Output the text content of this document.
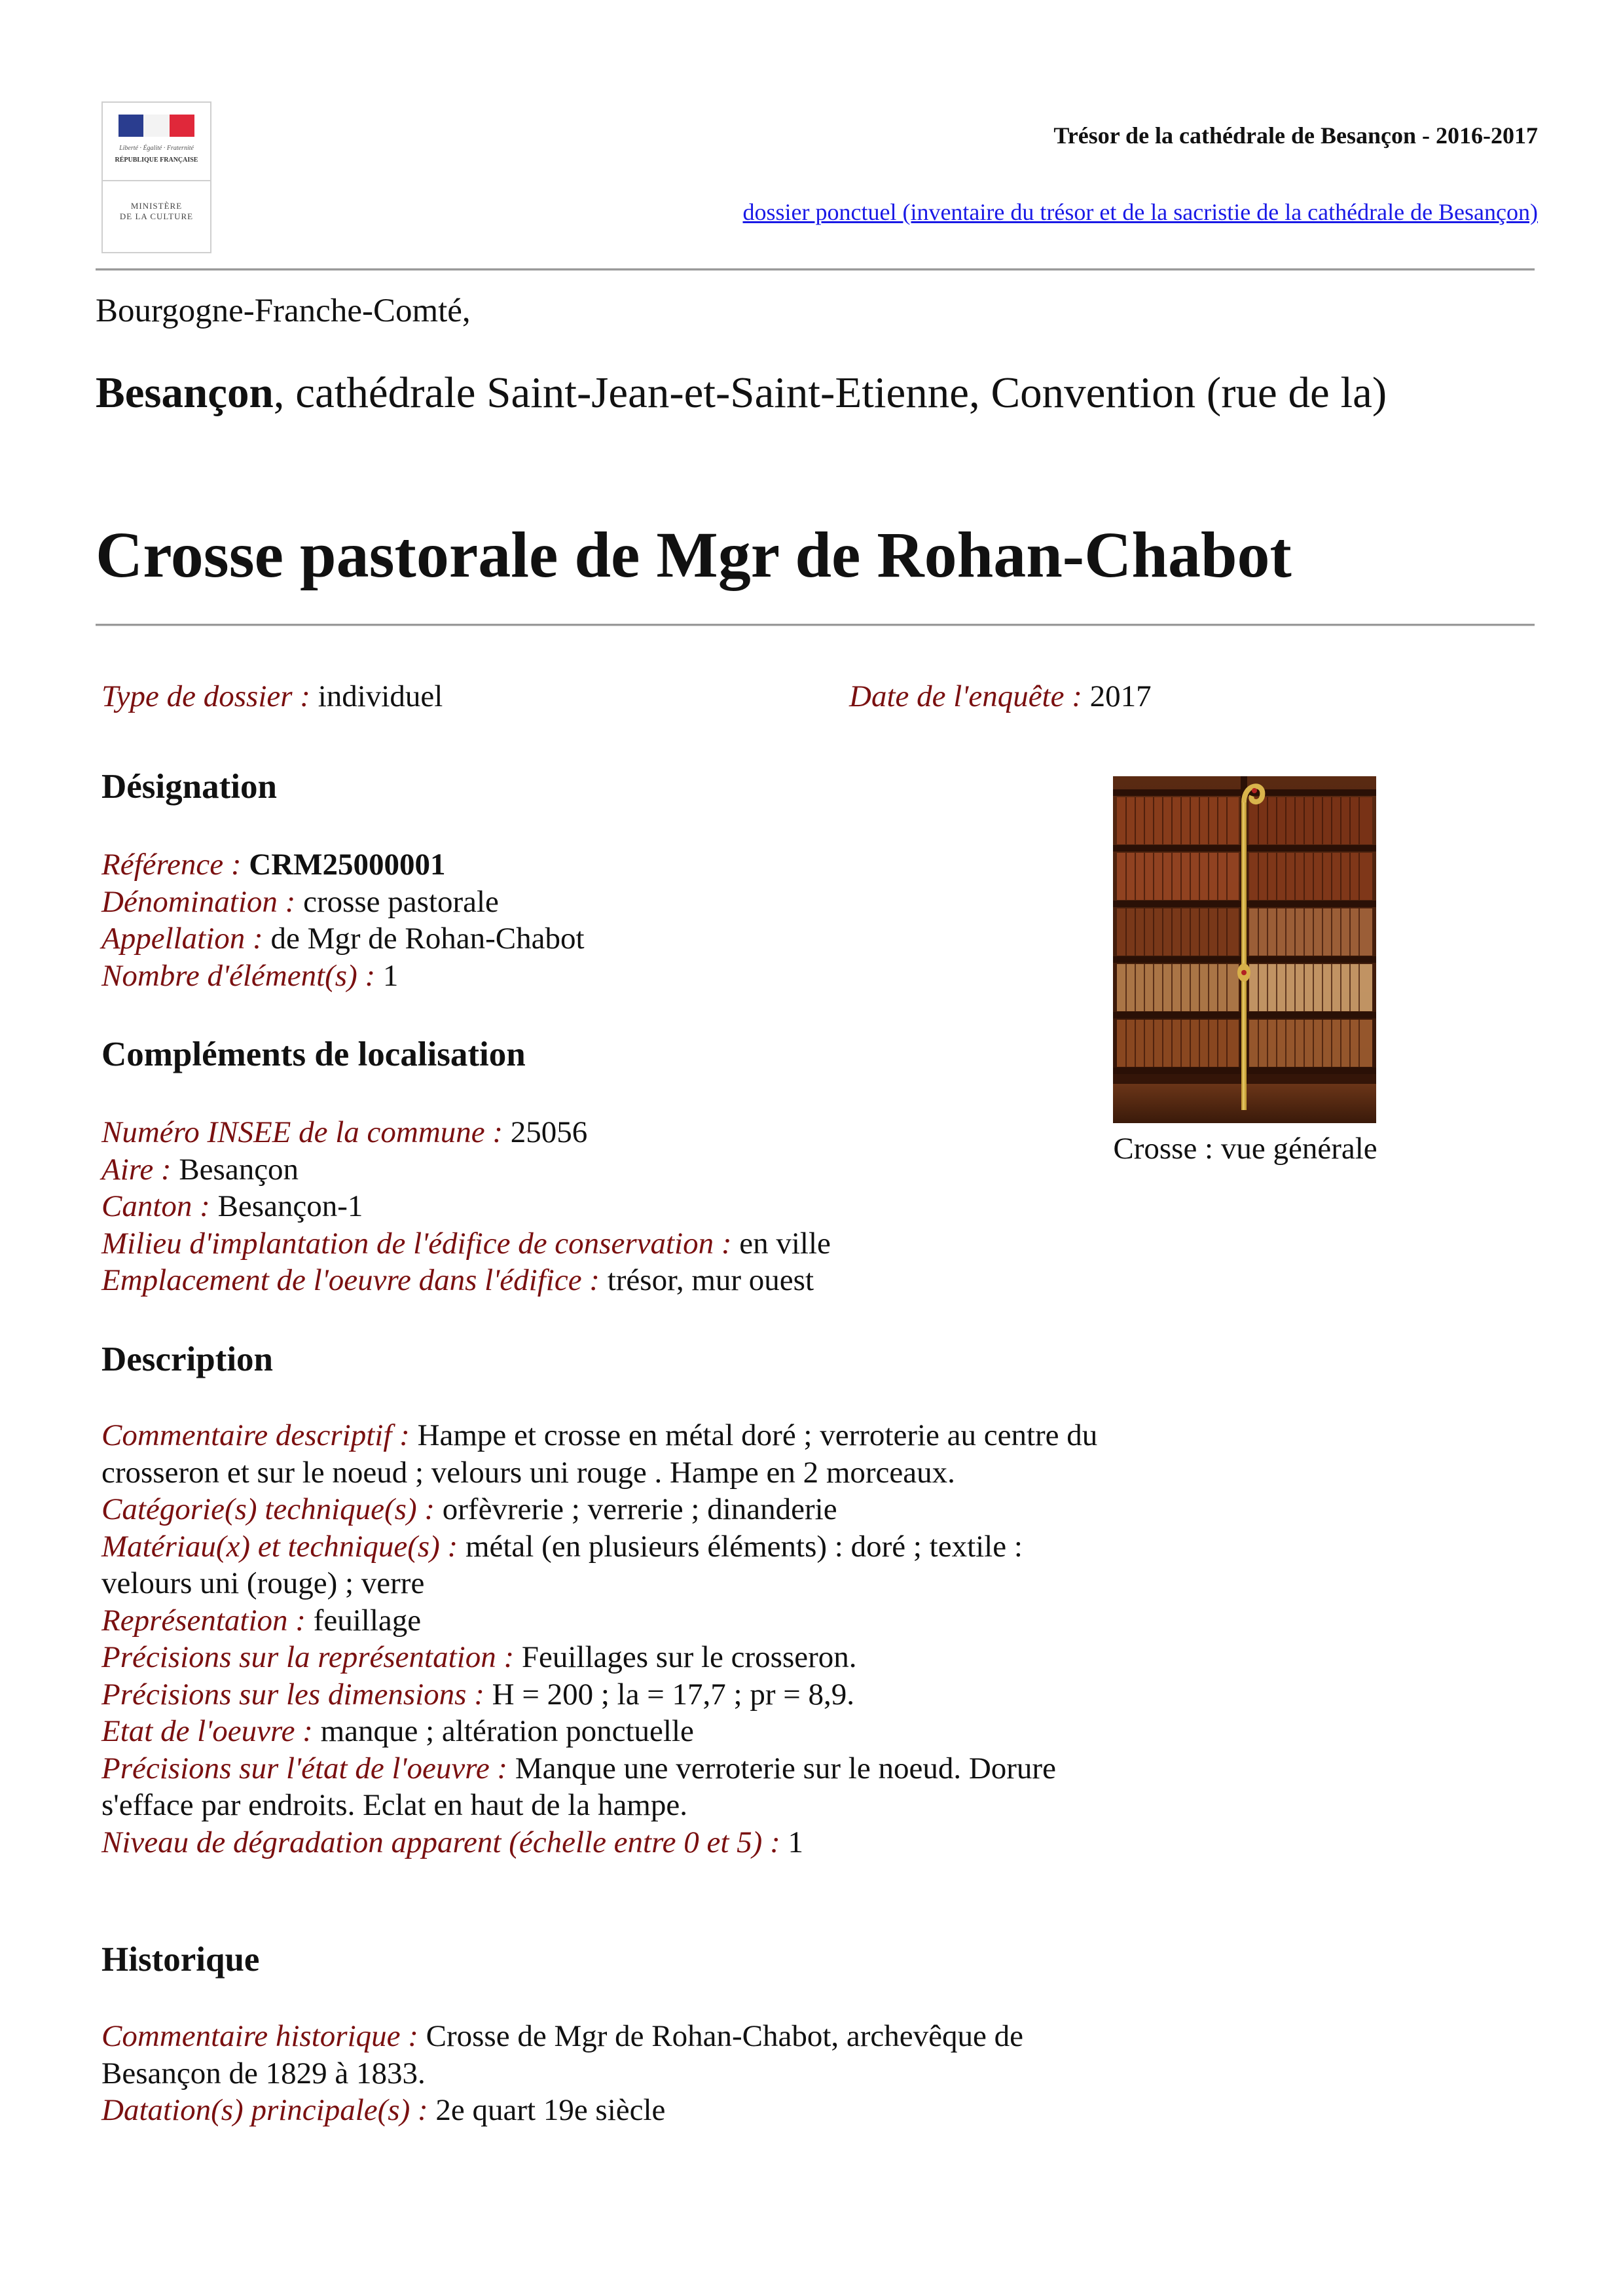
Liberté · Égalité · Fraternité
RÉPUBLIQUE FRANÇAISE
MINISTÈRE
DE LA CULTURE
Trésor de la cathédrale de Besançon - 2016-2017
dossier ponctuel (inventaire du trésor et de la sacristie de la cathédrale de Besançon)
Bourgogne-Franche-Comté,
Besançon, cathédrale Saint-Jean-et-Saint-Etienne, Convention (rue de la)
Crosse pastorale de Mgr de Rohan-Chabot
Type de dossier : individuel	Date de l'enquête : 2017
Crosse : vue générale
Désignation

Référence : CRM25000001

Dénomination : crosse pastorale

Appellation : de Mgr de Rohan-Chabot

Nombre d'élément(s) : 1

Compléments de localisation

Numéro INSEE de la commune : 25056

Aire : Besançon

Canton : Besançon-1

Milieu d'implantation de l'édifice de conservation : en ville

Emplacement de l'oeuvre dans l'édifice : trésor, mur ouest

Description

Commentaire descriptif : Hampe et crosse en métal doré ; verroterie au centre du crosseron et sur le noeud ; velours uni rouge . Hampe en 2 morceaux.

Catégorie(s) technique(s) : orfèvrerie ; verrerie ; dinanderie

Matériau(x) et technique(s) : métal (en plusieurs éléments) : doré ; textile : velours uni (rouge) ; verre

Représentation : feuillage

Précisions sur la représentation : Feuillages sur le crosseron.

Précisions sur les dimensions : H = 200 ; la = 17,7 ; pr = 8,9.

Etat de l'oeuvre : manque ; altération ponctuelle

Précisions sur l'état de l'oeuvre : Manque une verroterie sur le noeud. Dorure s'efface par endroits. Eclat en haut de la hampe.

Niveau de dégradation apparent (échelle entre 0 et 5) : 1

Historique

Commentaire historique : Crosse de Mgr de Rohan-Chabot, archevêque de Besançon de 1829 à 1833.

Datation(s) principale(s) : 2e quart 19e siècle
